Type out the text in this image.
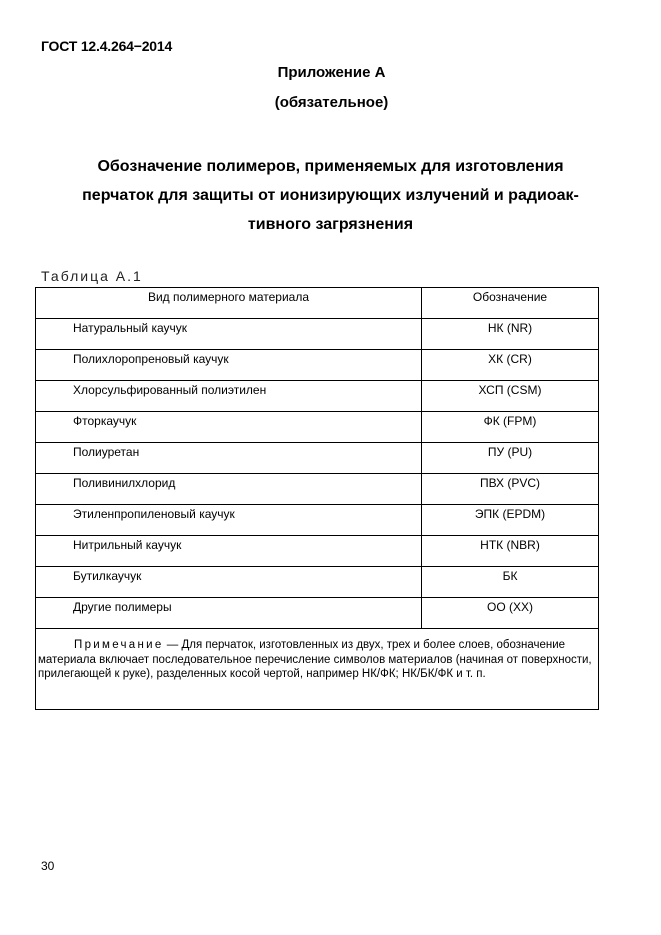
ГОСТ 12.4.264−2014
Приложение А
(обязательное)
Обозначение полимеров, применяемых для изготовления
перчаток для защиты от ионизирующих излучений и радиоак-
тивного загрязнения
Таблица А.1
Вид полимерного материала	Обозначение
Натуральный каучук	НК (NR)
Полихлоропреновый каучук	ХК (CR)
Хлорсульфированный полиэтилен	ХСП (CSM)
Фторкаучук	ФК (FPM)
Полиуретан	ПУ (PU)
Поливинилхлорид	ПВХ (PVC)
Этиленпропиленовый каучук	ЭПК (EPDM)
Нитрильный каучук	НТК (NBR)
Бутилкаучук	БК
Другие полимеры	ОО (ХХ)
Примечание — Для перчаток, изготовленных из двух, трех и более слоев, обозначение материала включает последовательное перечисление символов материалов (начиная от поверхности, прилегающей к руке), разделенных косой чертой, например НК/ФК; НК/БК/ФК и т. п.
30
